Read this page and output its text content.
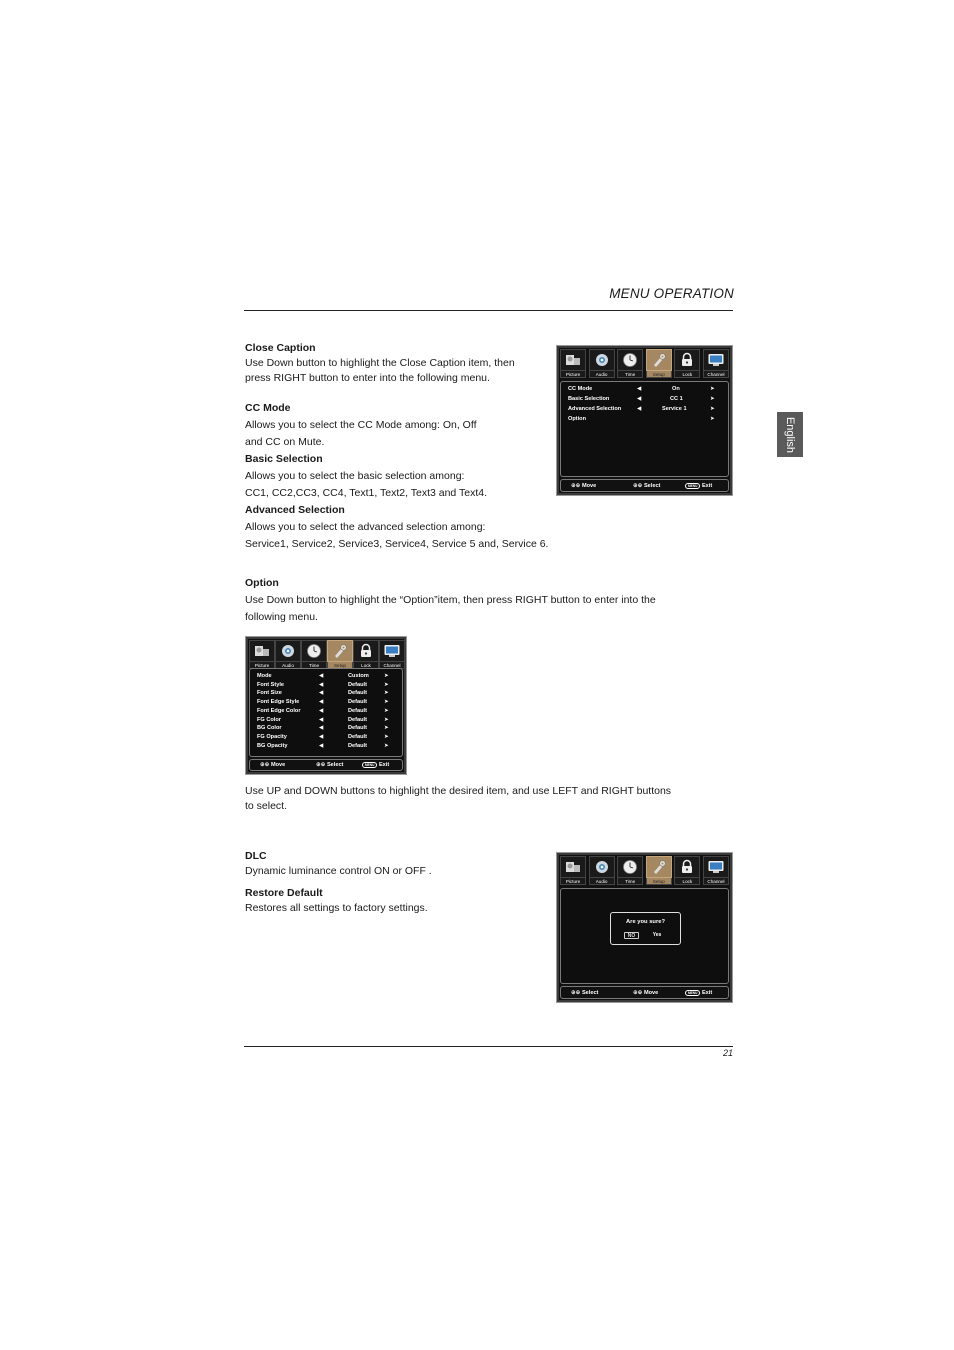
MENU OPERATION
English

Close Caption

Use Down button to highlight the Close Caption item, then

press RIGHT button to enter into the following menu.

CC Mode

Allows you to select the CC Mode among: On, Off

and CC on Mute.

Basic Selection

Allows you to select the basic selection among:

CC1, CC2,CC3, CC4, Text1, Text2, Text3 and Text4.

Advanced Selection

Allows you to select the advanced selection among:

Service1, Service2, Service3, Service4, Service 5 and, Service 6.

Option

Use Down button to highlight the “Option”item, then press RIGHT button to enter into the

following menu.

Use UP and DOWN buttons to highlight the desired item, and use LEFT and RIGHT buttons

to select.

DLC

Dynamic luminance control ON or OFF .

Restore Default

Restores all settings to factory settings.

Picture	Audio	Time	Setup	Lock	Channel
CC Mode	◀	On	➤
Basic Selection	◀	CC 1	➤
Advanced Selection	◀	Service 1	➤
Option	➤
⊕⊕ Move	⊕⊕ Select	MENU Exit
Picture	Audio	Time	Setup	Lock	Channel
Mode	◀	Custom	➤
Font Style	◀	Default	➤
Font Size	◀	Default	➤
Font Edge Style	◀	Default	➤
Font Edge Color	◀	Default	➤
FG Color	◀	Default	➤
BG Color	◀	Default	➤
FG Opacity	◀	Default	➤
BG Opacity	◀	Default	➤
⊕⊕ Move	⊕⊕ Select	MENU Exit
Picture	Audio	Time	Setup	Lock	Channel
Are you sure?
NO	Yes
⊕⊕ Select	⊕⊕ Move	MENU Exit
21
